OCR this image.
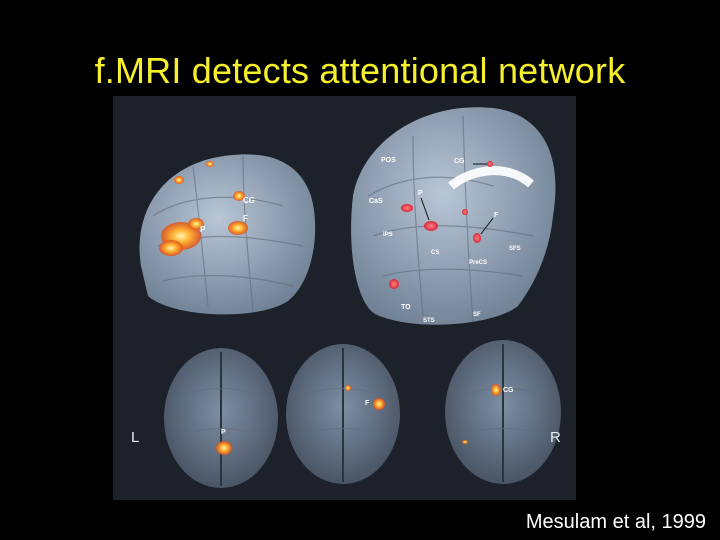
f.MRI detects attentional network
CG
F
P
POS	CG
P
CaS
IPS
CS
F
SFS
PreCS
TO
STS
SF
L	R
P
F
CG
Mesulam et al, 1999
